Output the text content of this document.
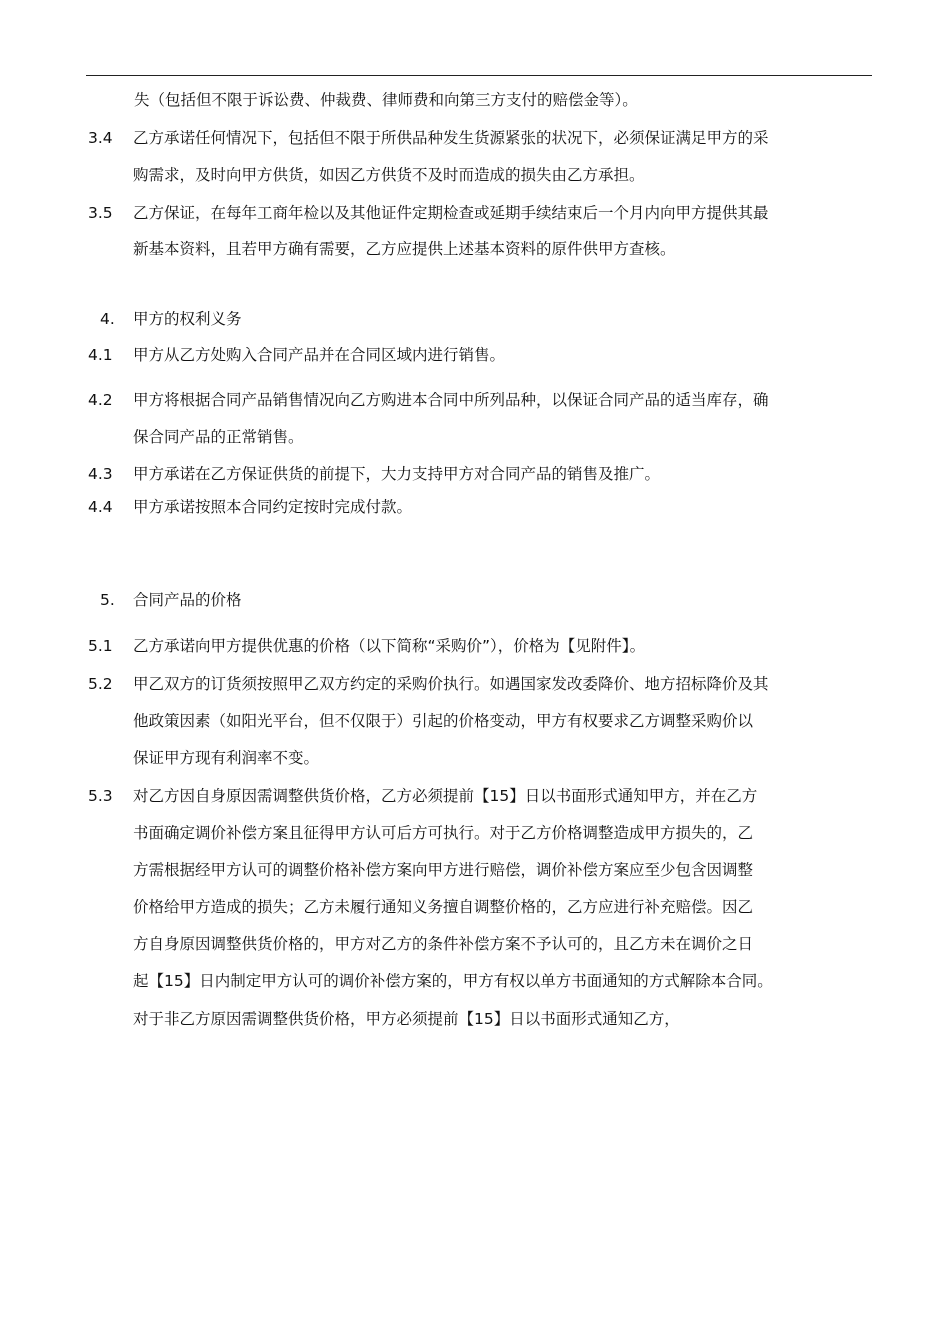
失（包括但不限于诉讼费、仲裁费、律师费和向第三方支付的赔偿金等）。
3.4 乙方承诺任何情况下，包括但不限于所供品种发生货源紧张的状况下，必须保证满足甲方的采
购需求，及时向甲方供货，如因乙方供货不及时而造成的损失由乙方承担。
3.5 乙方保证，在每年工商年检以及其他证件定期检查或延期手续结束后一个月内向甲方提供其最
新基本资料，且若甲方确有需要，乙方应提供上述基本资料的原件供甲方查核。
4. 甲方的权利义务
4.1 甲方从乙方处购入合同产品并在合同区域内进行销售。
4.2 甲方将根据合同产品销售情况向乙方购进本合同中所列品种，以保证合同产品的适当库存，确
保合同产品的正常销售。
4.3 甲方承诺在乙方保证供货的前提下，大力支持甲方对合同产品的销售及推广。
4.4 甲方承诺按照本合同约定按时完成付款。
5. 合同产品的价格
5.1 乙方承诺向甲方提供优惠的价格（以下简称“采购价”），价格为【见附件】。
5.2 甲乙双方的订货须按照甲乙双方约定的采购价执行。如遇国家发改委降价、地方招标降价及其
他政策因素（如阳光平台，但不仅限于）引起的价格变动，甲方有权要求乙方调整采购价以
保证甲方现有利润率不变。
5.3 对乙方因自身原因需调整供货价格，乙方必须提前【15】日以书面形式通知甲方，并在乙方
书面确定调价补偿方案且征得甲方认可后方可执行。对于乙方价格调整造成甲方损失的，乙
方需根据经甲方认可的调整价格补偿方案向甲方进行赔偿，调价补偿方案应至少包含因调整
价格给甲方造成的损失；乙方未履行通知义务擅自调整价格的，乙方应进行补充赔偿。因乙
方自身原因调整供货价格的，甲方对乙方的条件补偿方案不予认可的，且乙方未在调价之日
起【15】日内制定甲方认可的调价补偿方案的，甲方有权以单方书面通知的方式解除本合同。
对于非乙方原因需调整供货价格，甲方必须提前【15】日以书面形式通知乙方，
